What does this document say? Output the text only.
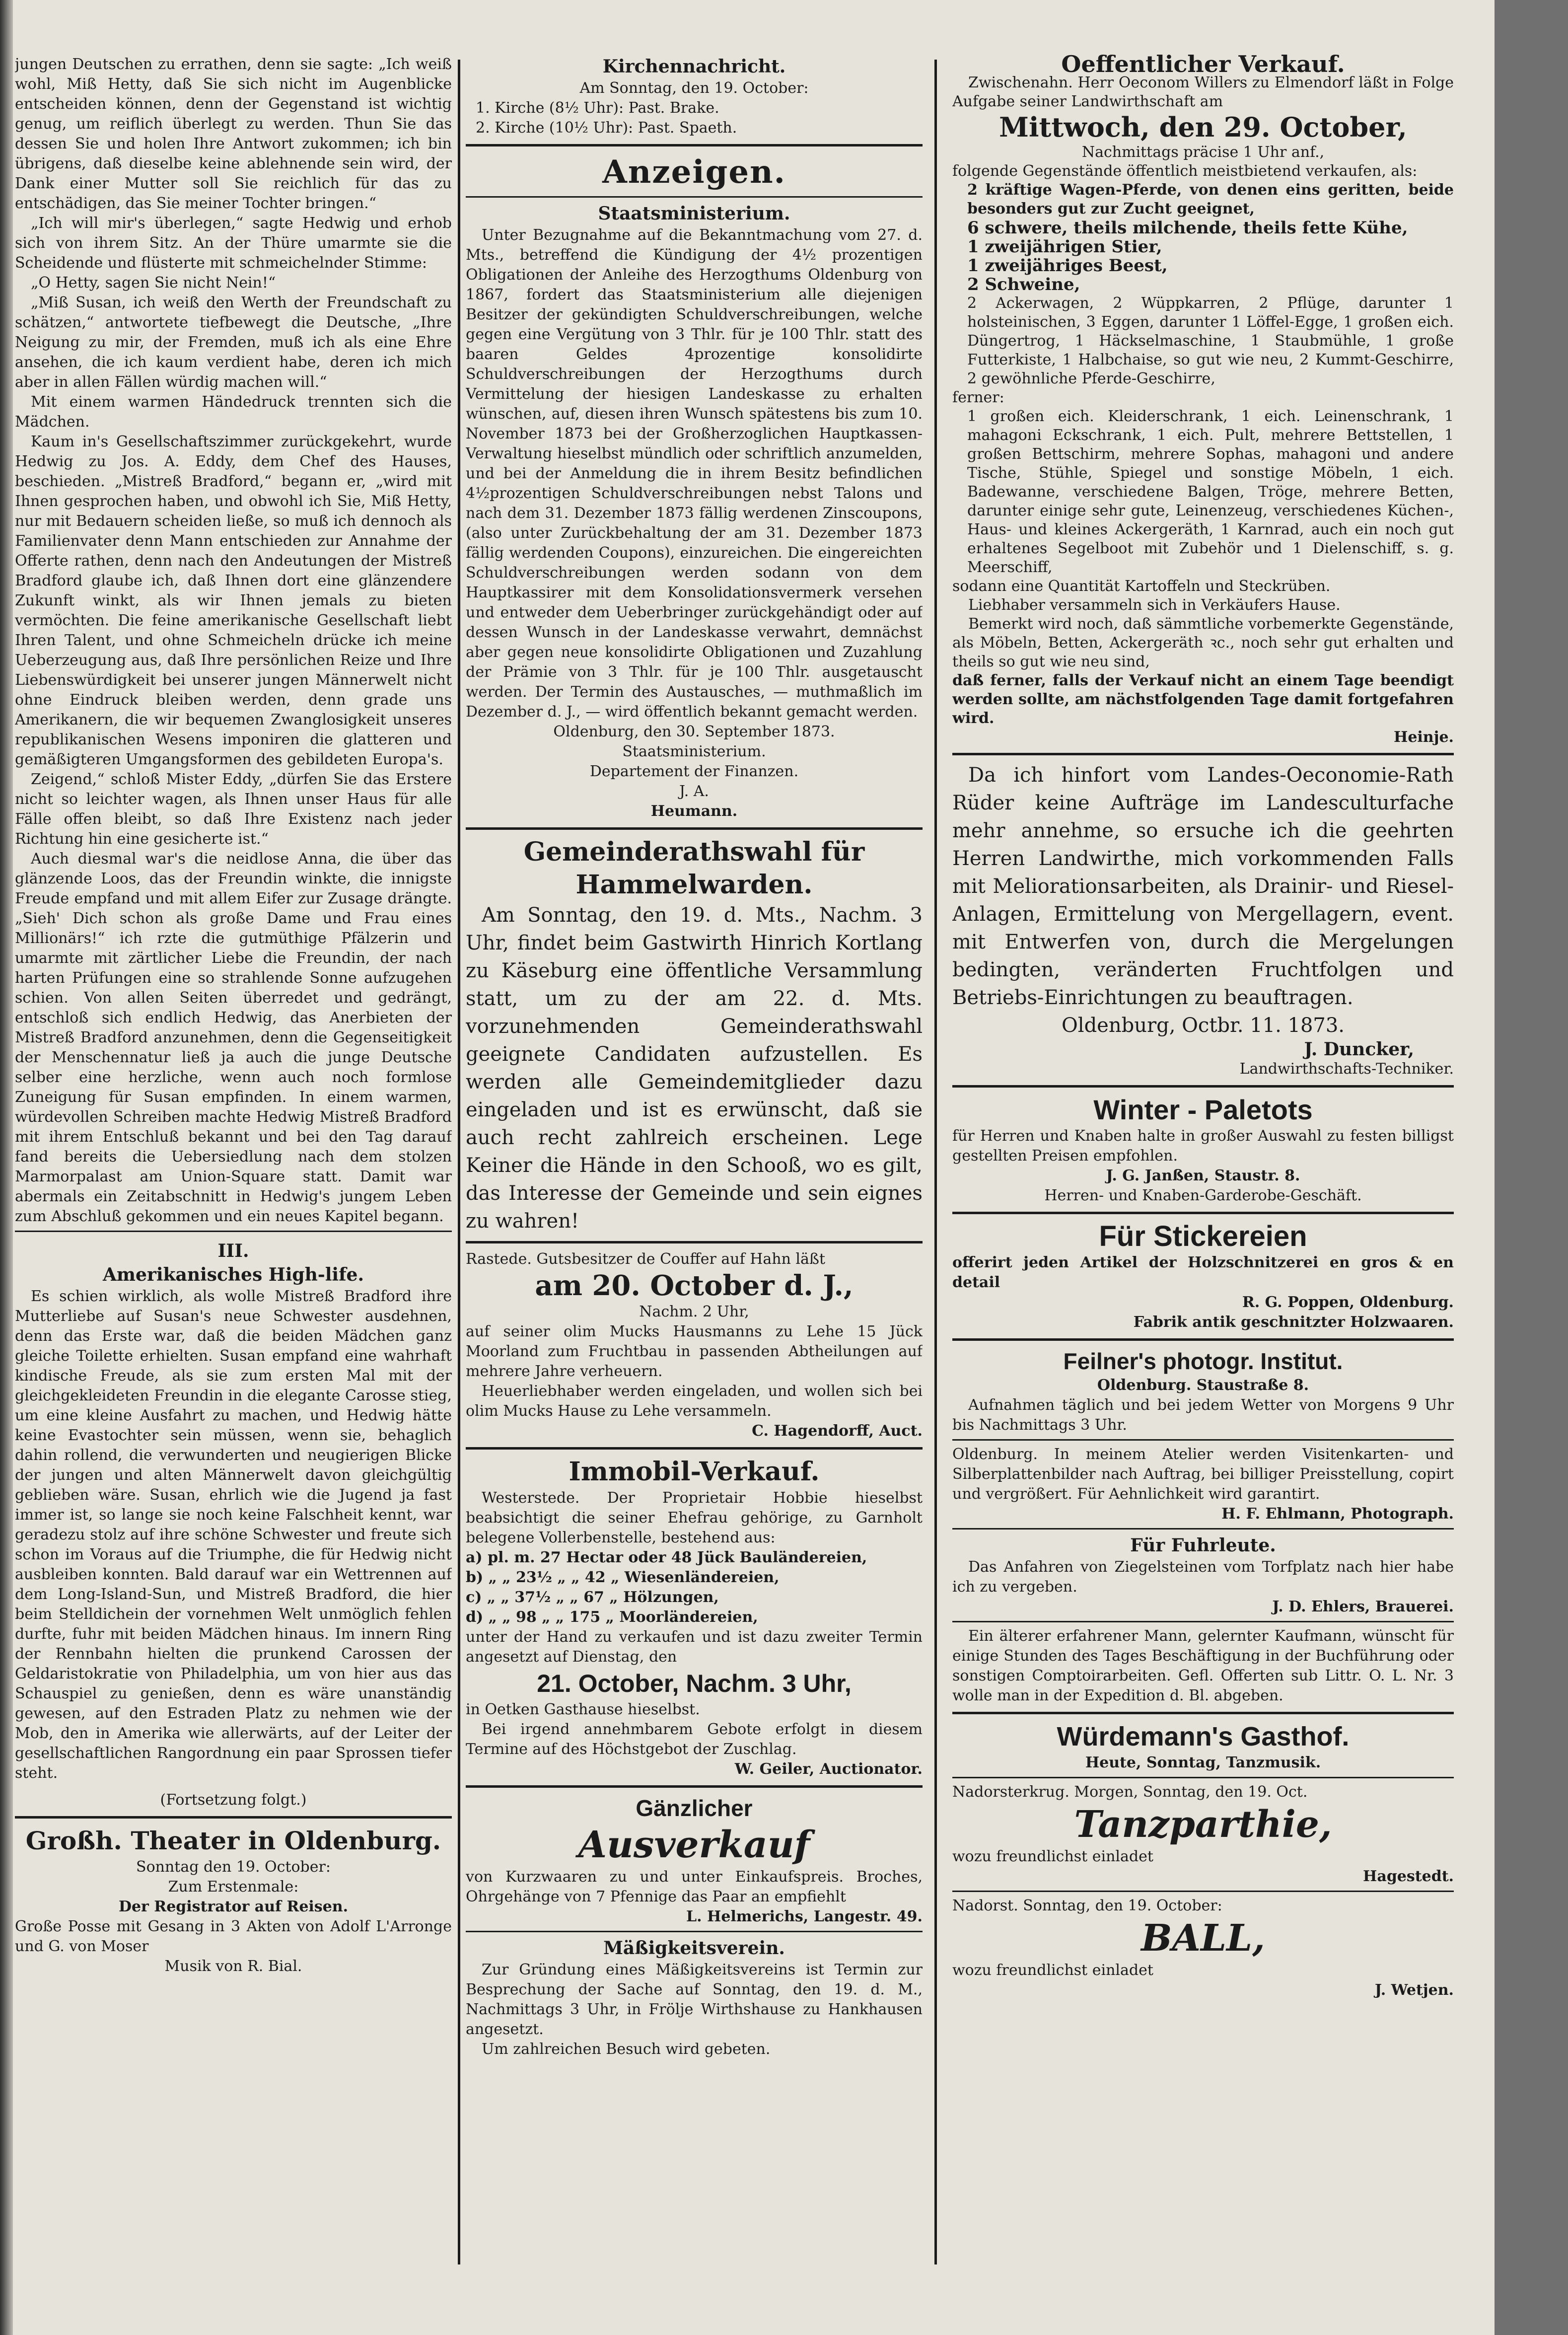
jungen Deutschen zu errathen, denn sie sagte: „Ich weiß wohl, Miß Hetty, daß Sie sich nicht im Augenblicke entscheiden können, denn der Gegenstand ist wichtig genug, um reiflich überlegt zu werden. Thun Sie das dessen Sie und holen Ihre Antwort zukommen; ich bin übrigens, daß dieselbe keine ablehnende sein wird, der Dank einer Mutter soll Sie reichlich für das zu entschädigen, das Sie meiner Tochter bringen.“

„Ich will mir's überlegen,“ sagte Hedwig und erhob sich von ihrem Sitz. An der Thüre umarmte sie die Scheidende und flüsterte mit schmeichelnder Stimme:

„O Hetty, sagen Sie nicht Nein!“

„Miß Susan, ich weiß den Werth der Freundschaft zu schätzen,“ antwortete tiefbewegt die Deutsche, „Ihre Neigung zu mir, der Fremden, muß ich als eine Ehre ansehen, die ich kaum verdient habe, deren ich mich aber in allen Fällen würdig machen will.“

Mit einem warmen Händedruck trennten sich die Mädchen.

Kaum in's Gesellschaftszimmer zurückgekehrt, wurde Hedwig zu Jos. A. Eddy, dem Chef des Hauses, beschieden. „Mistreß Bradford,“ begann er, „wird mit Ihnen gesprochen haben, und obwohl ich Sie, Miß Hetty, nur mit Bedauern scheiden ließe, so muß ich dennoch als Familienvater denn Mann entschieden zur Annahme der Offerte rathen, denn nach den Andeutungen der Mistreß Bradford glaube ich, daß Ihnen dort eine glänzendere Zukunft winkt, als wir Ihnen jemals zu bieten vermöchten. Die feine amerikanische Gesellschaft liebt Ihren Talent, und ohne Schmeicheln drücke ich meine Ueberzeugung aus, daß Ihre persönlichen Reize und Ihre Liebenswürdigkeit bei unserer jungen Männerwelt nicht ohne Eindruck bleiben werden, denn grade uns Amerikanern, die wir bequemen Zwanglosigkeit unseres republikanischen Wesens imponiren die glatteren und gemäßigteren Umgangsformen des gebildeten Europa's.

Zeigend,“ schloß Mister Eddy, „dürfen Sie das Erstere nicht so leichter wagen, als Ihnen unser Haus für alle Fälle offen bleibt, so daß Ihre Existenz nach jeder Richtung hin eine gesicherte ist.“

Auch diesmal war's die neidlose Anna, die über das glänzende Loos, das der Freundin winkte, die innigste Freude empfand und mit allem Eifer zur Zusage drängte. „Sieh' Dich schon als große Dame und Frau eines Millionärs!“ ich rzte die gutmüthige Pfälzerin und umarmte mit zärtlicher Liebe die Freundin, der nach harten Prüfungen eine so strahlende Sonne aufzugehen schien. Von allen Seiten überredet und gedrängt, entschloß sich endlich Hedwig, das Anerbieten der Mistreß Bradford anzunehmen, denn die Gegenseitigkeit der Menschennatur ließ ja auch die junge Deutsche selber eine herzliche, wenn auch noch formlose Zuneigung für Susan empfinden. In einem warmen, würdevollen Schreiben machte Hedwig Mistreß Bradford mit ihrem Entschluß bekannt und bei den Tag darauf fand bereits die Uebersiedlung nach dem stolzen Marmorpalast am Union-Square statt. Damit war abermals ein Zeitabschnitt in Hedwig's jungem Leben zum Abschluß gekommen und ein neues Kapitel begann.

III.

Amerikanisches High-life.

Es schien wirklich, als wolle Mistreß Bradford ihre Mutterliebe auf Susan's neue Schwester ausdehnen, denn das Erste war, daß die beiden Mädchen ganz gleiche Toilette erhielten. Susan empfand eine wahrhaft kindische Freude, als sie zum ersten Mal mit der gleichgekleideten Freundin in die elegante Carosse stieg, um eine kleine Ausfahrt zu machen, und Hedwig hätte keine Evastochter sein müssen, wenn sie, behaglich dahin rollend, die verwunderten und neugierigen Blicke der jungen und alten Männerwelt davon gleichgültig geblieben wäre. Susan, ehrlich wie die Jugend ja fast immer ist, so lange sie noch keine Falschheit kennt, war geradezu stolz auf ihre schöne Schwester und freute sich schon im Voraus auf die Triumphe, die für Hedwig nicht ausbleiben konnten. Bald darauf war ein Wettrennen auf dem Long-Island-Sun, und Mistreß Bradford, die hier beim Stelldichein der vornehmen Welt unmöglich fehlen durfte, fuhr mit beiden Mädchen hinaus. Im innern Ring der Rennbahn hielten die prunkend Carossen der Geldaristokratie von Philadelphia, um von hier aus das Schauspiel zu genießen, denn es wäre unanständig gewesen, auf den Estraden Platz zu nehmen wie der Mob, den in Amerika wie allerwärts, auf der Leiter der gesellschaftlichen Rangordnung ein paar Sprossen tiefer steht.

(Fortsetzung folgt.)

Großh. Theater in Oldenburg.

Sonntag den 19. October:

Zum Erstenmale:

Der Registrator auf Reisen.

Große Posse mit Gesang in 3 Akten von Adolf L'Arronge und G. von Moser

Musik von R. Bial.

Kirchennachricht.

Am Sonntag, den 19. October:

1. Kirche (8½ Uhr): Past. Brake.

2. Kirche (10½ Uhr): Past. Spaeth.

Anzeigen.

Staatsministerium.

Unter Bezugnahme auf die Bekanntmachung vom 27. d. Mts., betreffend die Kündigung der 4½ prozentigen Obligationen der Anleihe des Herzogthums Oldenburg von 1867, fordert das Staatsministerium alle diejenigen Besitzer der gekündigten Schuldverschreibungen, welche gegen eine Vergütung von 3 Thlr. für je 100 Thlr. statt des baaren Geldes 4prozentige konsolidirte Schuldverschreibungen der Herzogthums durch Vermittelung der hiesigen Landeskasse zu erhalten wünschen, auf, diesen ihren Wunsch spätestens bis zum 10. November 1873 bei der Großherzoglichen Hauptkassen-Verwaltung hieselbst mündlich oder schriftlich anzumelden, und bei der Anmeldung die in ihrem Besitz befindlichen 4½prozentigen Schuldverschreibungen nebst Talons und nach dem 31. Dezember 1873 fällig werdenen Zinscoupons, (also unter Zurückbehaltung der am 31. Dezember 1873 fällig werdenden Coupons), einzureichen. Die eingereichten Schuldverschreibungen werden sodann von dem Hauptkassirer mit dem Konsolidationsvermerk versehen und entweder dem Ueberbringer zurückgehändigt oder auf dessen Wunsch in der Landeskasse verwahrt, demnächst aber gegen neue konsolidirte Obligationen und Zuzahlung der Prämie von 3 Thlr. für je 100 Thlr. ausgetauscht werden. Der Termin des Austausches, — muthmaßlich im Dezember d. J., — wird öffentlich bekannt gemacht werden.

Oldenburg, den 30. September 1873.

Staatsministerium.

Departement der Finanzen.

J. A.

Heumann.

Gemeinderathswahl für

Hammelwarden.

Am Sonntag, den 19. d. Mts., Nachm. 3 Uhr, findet beim Gastwirth Hinrich Kortlang zu Käseburg eine öffentliche Versammlung statt, um zu der am 22. d. Mts. vorzunehmenden Gemeinderathswahl geeignete Candidaten aufzustellen. Es werden alle Gemeindemitglieder dazu eingeladen und ist es erwünscht, daß sie auch recht zahlreich erscheinen. Lege Keiner die Hände in den Schooß, wo es gilt, das Interesse der Gemeinde und sein eignes zu wahren!

Rastede. Gutsbesitzer de Couffer auf Hahn läßt

am 20. October d. J.,

Nachm. 2 Uhr,

auf seiner olim Mucks Hausmanns zu Lehe 15 Jück Moorland zum Fruchtbau in passenden Abtheilungen auf mehrere Jahre verheuern.

Heuerliebhaber werden eingeladen, und wollen sich bei olim Mucks Hause zu Lehe versammeln.

C. Hagendorff, Auct.

Immobil-Verkauf.

Westerstede. Der Proprietair Hobbie hieselbst beabsichtigt die seiner Ehefrau gehörige, zu Garnholt belegene Vollerbenstelle, bestehend aus:

a) pl. m. 27 Hectar oder 48 Jück Bauländereien,

b) „ „ 23½ „ „ 42 „ Wiesenländereien,

c) „ „ 37½ „ „ 67 „ Hölzungen,

d) „ „ 98 „ „ 175 „ Moorländereien,

unter der Hand zu verkaufen und ist dazu zweiter Termin angesetzt auf Dienstag, den

21. October, Nachm. 3 Uhr,

in Oetken Gasthause hieselbst.

Bei irgend annehmbarem Gebote erfolgt in diesem Termine auf des Höchstgebot der Zuschlag.

W. Geiler, Auctionator.

Gänzlicher

Ausverkauf

von Kurzwaaren zu und unter Einkaufspreis. Broches, Ohrgehänge von 7 Pfennige das Paar an empfiehlt

L. Helmerichs, Langestr. 49.

Mäßigkeitsverein.

Zur Gründung eines Mäßigkeitsvereins ist Termin zur Besprechung der Sache auf Sonntag, den 19. d. M., Nachmittags 3 Uhr, in Frölje Wirthshause zu Hankhausen angesetzt.

Um zahlreichen Besuch wird gebeten.

Oeffentlicher Verkauf.

Zwischenahn. Herr Oeconom Willers zu Elmendorf läßt in Folge Aufgabe seiner Landwirthschaft am

Mittwoch, den 29. October,

Nachmittags präcise 1 Uhr anf.,

folgende Gegenstände öffentlich meistbietend verkaufen, als:

2 kräftige Wagen-Pferde, von denen eins geritten, beide besonders gut zur Zucht geeignet,

6 schwere, theils milchende, theils fette Kühe,

1 zweijährigen Stier,

1 zweijähriges Beest,

2 Schweine,

2 Ackerwagen, 2 Wüppkarren, 2 Pflüge, darunter 1 holsteinischen, 3 Eggen, darunter 1 Löffel-Egge, 1 großen eich. Düngertrog, 1 Häckselmaschine, 1 Staubmühle, 1 große Futterkiste, 1 Halbchaise, so gut wie neu, 2 Kummt-Geschirre, 2 gewöhnliche Pferde-Geschirre,

ferner:

1 großen eich. Kleiderschrank, 1 eich. Leinenschrank, 1 mahagoni Eckschrank, 1 eich. Pult, mehrere Bettstellen, 1 großen Bettschirm, mehrere Sophas, mahagoni und andere Tische, Stühle, Spiegel und sonstige Möbeln, 1 eich. Badewanne, verschiedene Balgen, Tröge, mehrere Betten, darunter einige sehr gute, Leinenzeug, verschiedenes Küchen-, Haus- und kleines Ackergeräth, 1 Karnrad, auch ein noch gut erhaltenes Segelboot mit Zubehör und 1 Dielenschiff, s. g. Meerschiff,

sodann eine Quantität Kartoffeln und Steckrüben.

Liebhaber versammeln sich in Verkäufers Hause.

Bemerkt wird noch, daß sämmtliche vorbemerkte Gegenstände, als Möbeln, Betten, Ackergeräth ꝛc., noch sehr gut erhalten und theils so gut wie neu sind,

daß ferner, falls der Verkauf nicht an einem Tage beendigt werden sollte, am nächstfolgenden Tage damit fortgefahren wird.

Heinje.

Da ich hinfort vom Landes-Oeconomie-Rath Rüder keine Aufträge im Landesculturfache mehr annehme, so ersuche ich die geehrten Herren Landwirthe, mich vorkommenden Falls mit Meliorationsarbeiten, als Drainir- und Riesel-Anlagen, Ermittelung von Mergellagern, event. mit Entwerfen von, durch die Mergelungen bedingten, veränderten Fruchtfolgen und Betriebs-Einrichtungen zu beauftragen.

Oldenburg, Octbr. 11. 1873.

J. Duncker,

Landwirthschafts-Techniker.

Winter - Paletots

für Herren und Knaben halte in großer Auswahl zu festen billigst gestellten Preisen empfohlen.

J. G. Janßen, Staustr. 8.

Herren- und Knaben-Garderobe-Geschäft.

Für Stickereien

offerirt jeden Artikel der Holzschnitzerei en gros & en detail

R. G. Poppen, Oldenburg.

Fabrik antik geschnitzter Holzwaaren.

Feilner's photogr. Institut.

Oldenburg. Staustraße 8.

Aufnahmen täglich und bei jedem Wetter von Morgens 9 Uhr bis Nachmittags 3 Uhr.

Oldenburg. In meinem Atelier werden Visitenkarten- und Silberplattenbilder nach Auftrag, bei billiger Preisstellung, copirt und vergrößert. Für Aehnlichkeit wird garantirt.

H. F. Ehlmann, Photograph.

Für Fuhrleute.

Das Anfahren von Ziegelsteinen vom Torfplatz nach hier habe ich zu vergeben.

J. D. Ehlers, Brauerei.

Ein älterer erfahrener Mann, gelernter Kaufmann, wünscht für einige Stunden des Tages Beschäftigung in der Buchführung oder sonstigen Comptoirarbeiten. Gefl. Offerten sub Littr. O. L. Nr. 3 wolle man in der Expedition d. Bl. abgeben.

Würdemann's Gasthof.

Heute, Sonntag, Tanzmusik.

Nadorsterkrug. Morgen, Sonntag, den 19. Oct.

Tanzparthie,

wozu freundlichst einladet

Hagestedt.

Nadorst. Sonntag, den 19. October:

BALL,

wozu freundlichst einladet

J. Wetjen.
